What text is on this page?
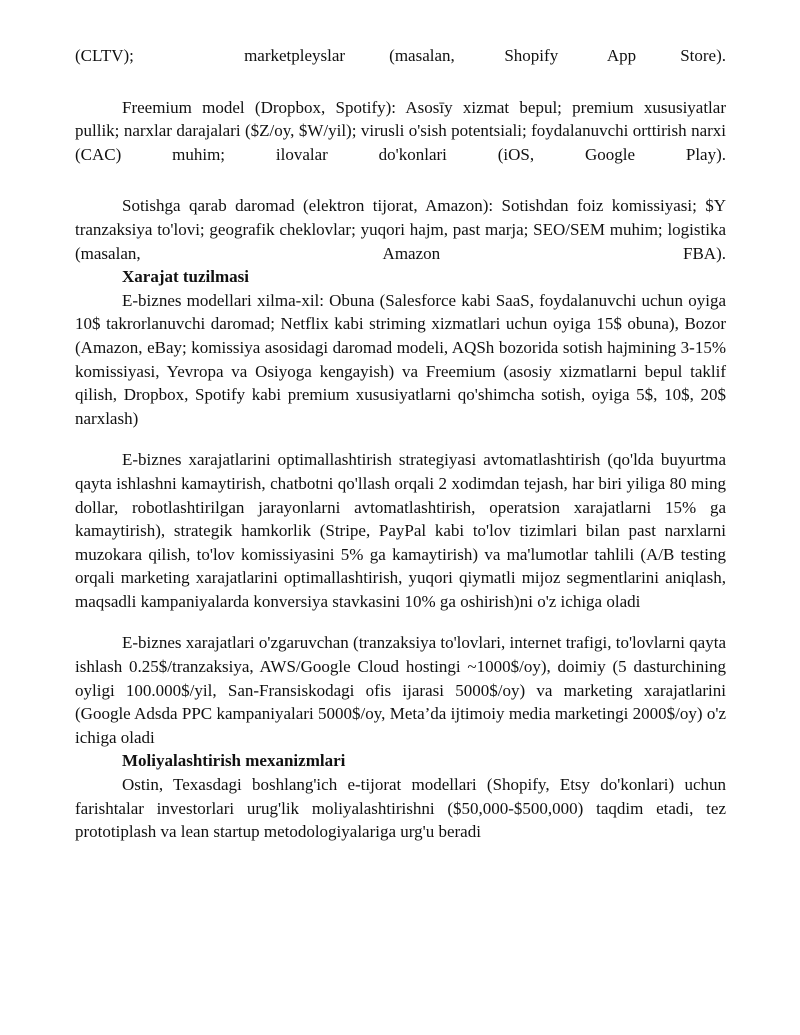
(CLTV);                    marketpleyslar        (masalan,         Shopify         App        Store).

Freemium model (Dropbox, Spotify): Asosīy xizmat bepul; premium xususiyatlar pullik; narxlar darajalari ($Z/oy, $W/yil); virusli o'sish potentsiali; foydalanuvchi orttirish narxi (CAC) muhim; ilovalar do'konlari (iOS, Google Play).

Sotishga qarab daromad (elektron tijorat, Amazon): Sotishdan foiz komissiyasi; $Y tranzaksiya to'lovi; geografik cheklovlar; yuqori hajm, past marja; SEO/SEM muhim; logistika (masalan, Amazon FBA).

Xarajat tuzilmasi

E-biznes modellari xilma-xil: Obuna (Salesforce kabi SaaS, foydalanuvchi uchun oyiga 10$ takrorlanuvchi daromad; Netflix kabi striming xizmatlari uchun oyiga 15$ obuna), Bozor (Amazon, eBay; komissiya asosidagi daromad modeli, AQSh bozorida sotish hajmining 3-15% komissiyasi, Yevropa va Osiyoga kengayish) va Freemium (asosiy xizmatlarni bepul taklif qilish, Dropbox, Spotify kabi premium xususiyatlarni qo'shimcha sotish, oyiga 5$, 10$, 20$ narxlash)

E-biznes xarajatlarini optimallashtirish strategiyasi avtomatlashtirish (qo'lda buyurtma qayta ishlashni kamaytirish, chatbotni qo'llash orqali 2 xodimdan tejash, har biri yiliga 80 ming dollar, robotlashtirilgan jarayonlarni avtomatlashtirish, operatsion xarajatlarni 15% ga kamaytirish), strategik hamkorlik (Stripe, PayPal kabi to'lov tizimlari bilan past narxlarni muzokara qilish, to'lov komissiyasini 5% ga kamaytirish) va ma'lumotlar tahlili (A/B testing orqali marketing xarajatlarini optimallashtirish, yuqori qiymatli mijoz segmentlarini aniqlash, maqsadli kampaniyalarda konversiya stavkasini 10% ga oshirish)ni o'z ichiga oladi

E-biznes xarajatlari o'zgaruvchan (tranzaksiya to'lovlari, internet trafigi, to'lovlarni qayta ishlash 0.25$/tranzaksiya, AWS/Google Cloud hostingi ~1000$/oy), doimiy (5 dasturchining oyligi 100.000$/yil, San-Fransiskodagi ofis ijarasi 5000$/oy) va marketing xarajatlarini (Google Adsda PPC kampaniyalari 5000$/oy, Meta’da ijtimoiy media marketingi 2000$/oy) o'z ichiga oladi

Moliyalashtirish mexanizmlari

Ostin, Texasdagi boshlang'ich e-tijorat modellari (Shopify, Etsy do'konlari) uchun farishtalar investorlari urug'lik moliyalashtirishni ($50,000-$500,000) taqdim etadi, tez prototiplash va lean startup metodologiyalariga urg'u beradi
